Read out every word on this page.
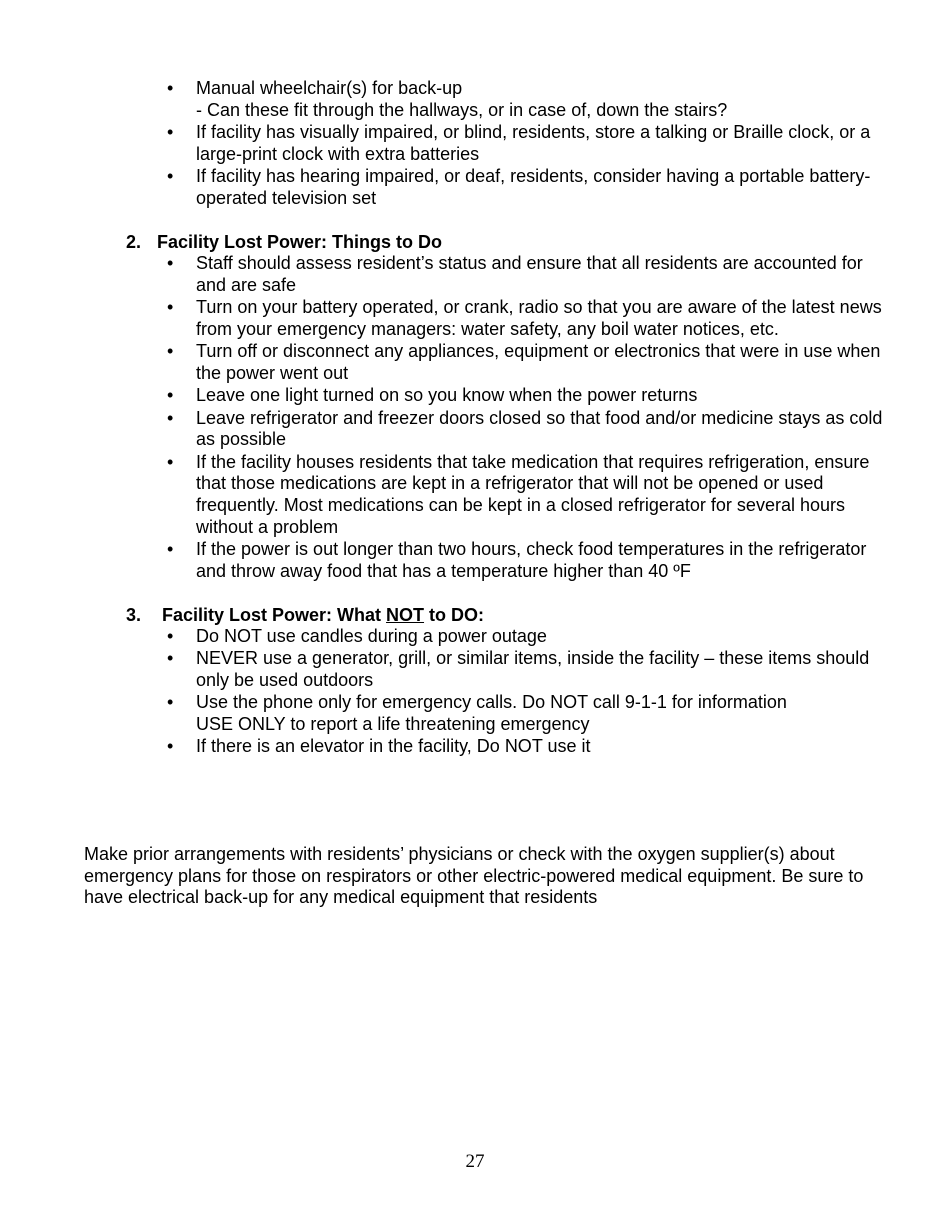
• Manual wheelchair(s) for back-up
- Can these fit through the hallways, or in case of, down the stairs?
• If facility has visually impaired, or blind, residents, store a talking or Braille clock, or a large-print clock with extra batteries
• If facility has hearing impaired, or deaf, residents, consider having a portable battery-operated television set
2. Facility Lost Power: Things to Do
• Staff should assess resident’s status and ensure that all residents are accounted for and are safe
• Turn on your battery operated, or crank, radio so that you are aware of the latest news from your emergency managers: water safety, any boil water notices, etc.
• Turn off or disconnect any appliances, equipment or electronics that were in use when the power went out
• Leave one light turned on so you know when the power returns
• Leave refrigerator and freezer doors closed so that food and/or medicine stays as cold as possible
• If the facility houses residents that take medication that requires refrigeration, ensure that those medications are kept in a refrigerator that will not be opened or used frequently. Most medications can be kept in a closed refrigerator for several hours without a problem
• If the power is out longer than two hours, check food temperatures in the refrigerator and throw away food that has a temperature higher than 40 ºF
3. Facility Lost Power: What NOT to DO:
• Do NOT use candles during a power outage
• NEVER use a generator, grill, or similar items, inside the facility – these items should only be used outdoors
• Use the phone only for emergency calls. Do NOT call 9-1-1 for information
USE ONLY to report a life threatening emergency
• If there is an elevator in the facility, Do NOT use it
Make prior arrangements with residents’ physicians or check with the oxygen supplier(s) about emergency plans for those on respirators or other electric-powered medical equipment. Be sure to have electrical back-up for any medical equipment that residents
27
